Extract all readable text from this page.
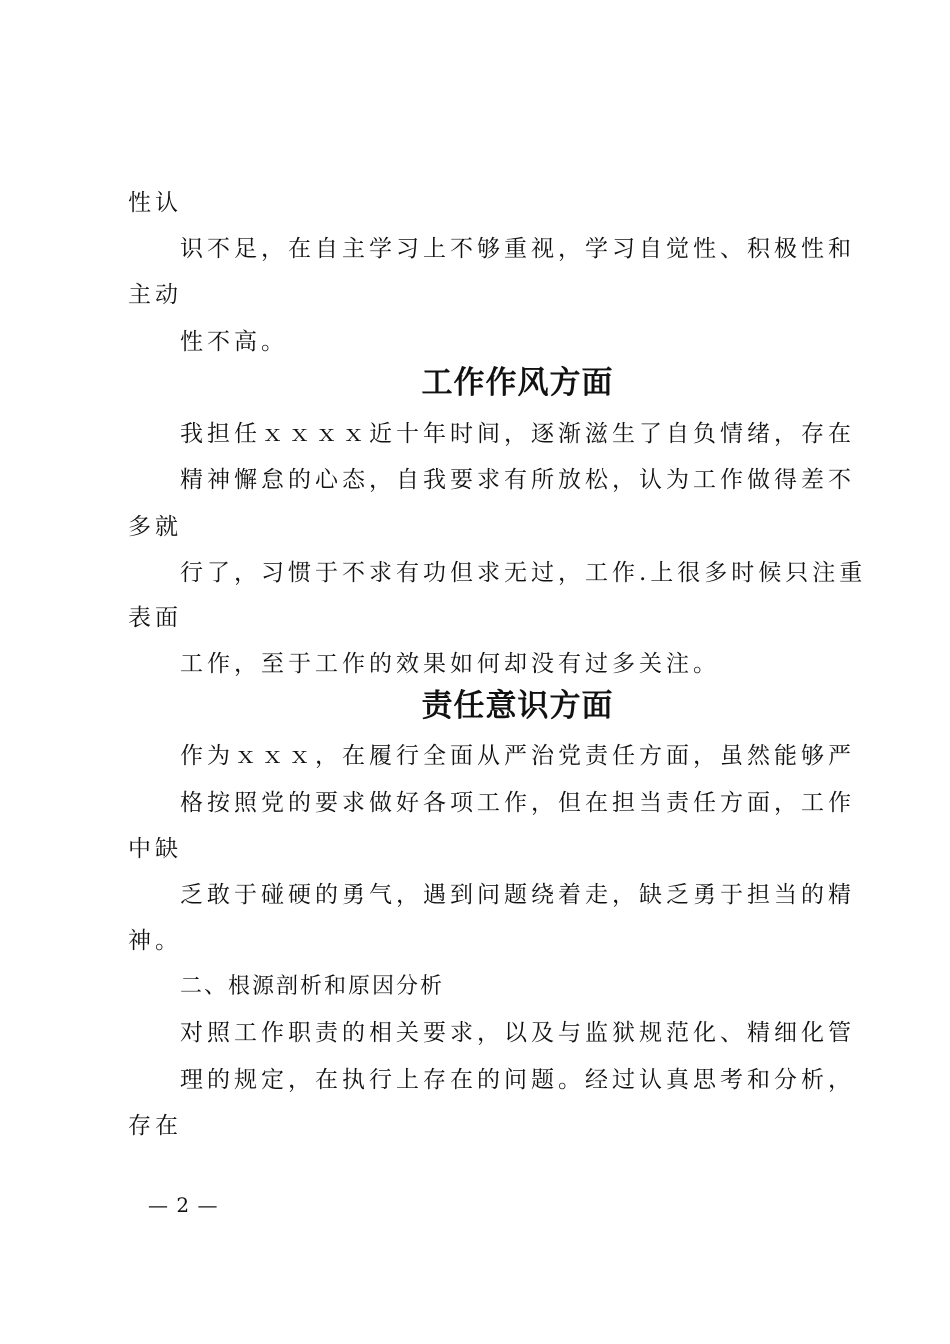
性认
识不足，在自主学习上不够重视，学习自觉性、积极性和
主动
性不高。
工作作风方面
我担任ｘｘｘｘ近十年时间，逐渐滋生了自负情绪，存在
精神懈怠的心态，自我要求有所放松，认为工作做得差不
多就
行了，习惯于不求有功但求无过，工作.上很多时候只注重
表面
工作，至于工作的效果如何却没有过多关注。
责任意识方面
作为ｘｘｘ，在履行全面从严治党责任方面，虽然能够严
格按照党的要求做好各项工作，但在担当责任方面，工作
中缺
乏敢于碰硬的勇气，遇到问题绕着走，缺乏勇于担当的精
神。
二、根源剖析和原因分析
对照工作职责的相关要求，以及与监狱规范化、精细化管
理的规定，在执行上存在的问题。经过认真思考和分析，
存在
— 2 —
